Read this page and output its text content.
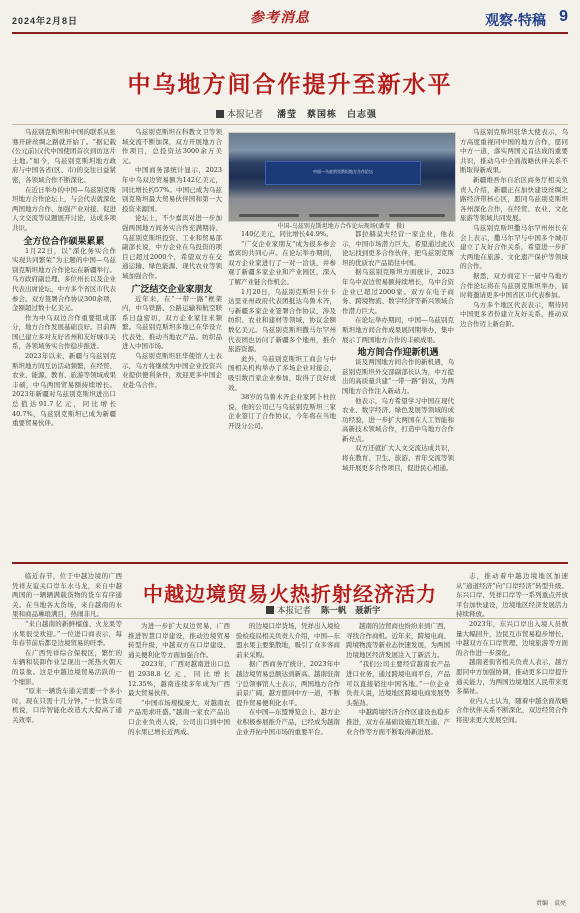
2024年2月8日	参考消息	观察·特稿 9
中乌地方间合作提升至新水平
本报记者 潘莹　蔡国栋　白志强

乌兹别克斯坦和中国的联系从张骞开辟丝绸之路就开始了。“据记载(公元前)汉代中国使团首次到访这片土地。”如今，乌兹别克斯坦地方政府与中国各省(区、市)的交往日益紧密，各领域合作不断深化。

在近日举办的中国—乌兹别克斯坦地方合作论坛上，与会代表就深化两国地方合作、加强产业对接、促进人文交流等议题展开讨论，达成多项共识。

全方位合作硕果累累

1月22日，以“深化务实合作　实现共同繁荣”为主题的中国—乌兹别克斯坦地方合作论坛在新疆举行。乌方政府副总理、多位州长以及企业代表出席论坛，中方多个省区市代表参会。双方签署合作协议300余项，金额超过数十亿美元。

作为中乌双边合作重要组成部分，地方合作发展基础良好。目前两国已建立多对友好省州和友好城市关系，各领域务实合作稳步推进。

2023年以来，新疆与乌兹别克斯坦地方间互访活动频繁，在经贸、农业、能源、教育、旅游等领域成果丰硕，中乌两国贸易额持续增长。2023年新疆对乌兹别克斯坦进出口总值达91.7亿元，同比增长40.7%，乌兹别克斯坦已成为新疆重要贸易伙伴。

乌兹别克斯坦在科教文卫等领域交流不断加深，双方开展地方合作项目，总投资达3000余万美元。

中国商务部统计显示，2023年中乌双边贸易额为142亿美元，同比增长约57%。中国已成为乌兹别克斯坦最大贸易伙伴国和第一大投资来源国。

论坛上，不少嘉宾对进一步加强两国地方间务实合作充满期待。乌兹别克斯坦投资、工业和贸易部副部长说，中方企业在乌投资的项目已超过2000个，希望双方在交通运输、绿色能源、现代农业等领域加强合作。

广泛结交企业家朋友

近年来，在“一带一路”框架内，中乌铁路、公路运输和航空联系日益密切，双方企业家往来频繁。乌兹别克斯坦多地已在华设立代表处，推动当地农产品、纺织品进入中国市场。

乌兹别克斯坦驻华使馆人士表示，乌方将继续为中国企业投资兴业提供便利条件，欢迎更多中国企业赴乌合作。

140亿美元，同比增长44.9%。

“广交企业家朋友”成为很多参会嘉宾的共同心声。在论坛举办期间，双方企业家进行了一对一洽谈，并参观了新疆多家企业和产业园区，深入了解产业链合作机会。

1月20日，乌兹别克斯坦卡什卡达里亚州政府代表团抵达乌鲁木齐，与新疆多家企业签署合作协议，涉及纺织、农业和建材等领域，协议金额数亿美元。乌兹别克斯坦撒马尔罕州代表团也访问了新疆多个地州，推介旅游资源。

此外，乌兹别克斯坦工商会与中国相关机构举办了多场企业对接会，吸引数百家企业参加，取得了良好成效。

38岁的乌鲁木齐企业家阿卜杜拉说，他的公司已与乌兹别克斯坦三家企业签订了合作协议，今年将在当地开设分公司。

都拉赫莫夫经营一家企业，他表示，中国市场潜力巨大，希望通过此次论坛找到更多合作伙伴，把乌兹别克斯坦的优质农产品销往中国。

据乌兹别克斯坦方面统计，2023年乌中双边贸易额持续增长，乌中合资企业已超过2000家。双方在电子商务、跨境物流、数字经济等新兴领域合作潜力巨大。

在论坛举办期间，中国—乌兹别克斯坦地方间合作成果展同期举办，集中展示了两国地方合作的丰硕成果。

地方间合作迎新机遇

谈及两国地方间合作的新机遇，乌兹别克斯坦外交部副部长认为，中方提出的高质量共建“一带一路”倡议，为两国地方合作注入新动力。

他表示，乌方希望学习中国在现代农业、数字经济、绿色发展等领域的成功经验，进一步扩大两国在人工智能和高新技术领域合作，打造中乌地方合作新亮点。

双方还就扩大人文交流达成共识，将在教育、卫生、旅游、青年交流等领域开展更多合作项目，促进民心相通。

乌兹别克斯坦驻华大使表示，乌方高度重视同中国的地方合作，愿同中方一道，落实两国元首达成的重要共识，推动乌中全面战略伙伴关系不断取得新成果。

新疆维吾尔自治区商务厅相关负责人介绍，新疆正在加快建设丝绸之路经济带核心区，愿同乌兹别克斯坦各州深化合作，在经贸、农业、文化旅游等领域共同发展。

乌兹别克斯坦撒马尔罕州州长在会上表示，撒马尔罕与中国多个城市建立了友好合作关系，希望进一步扩大两地在旅游、文化遗产保护等领域的合作。

据悉，双方商定下一届中乌地方合作论坛将在乌兹别克斯坦举办，届时将邀请更多中国省区市代表参加。

乌方多个地区代表表示，期待同中国更多省份建立友好关系，推动双边合作迈上新台阶。

中国—乌兹别克斯坦地方合作论坛
中国-乌兹别克斯坦地方合作论坛现场(潘莹　摄)
中越边境贸易火热折射经济活力
本报记者 陈一帆　聂新宇

临近春节，位于中越边境的广西凭祥友谊关口岸车水马龙，来自中越两国的一辆辆满载货物的货车有序通关。在当地各大货场，来自越南的水果和商品琳琅满目，热闹非凡。

“来自越南的新鲜榴莲、火龙果等水果很受欢迎。”一位进口商表示，每年春节前后都是边境贸易的旺季。

在广西凭祥综合保税区，繁忙的车辆和装卸作业呈现出一派热火朝天的景象。这是中越边境贸易活跃的一个缩影。

“原来一辆货车通关需要一个多小时，现在只需十几分钟。”一位货车司机说，口岸智能化改造大大提高了通关效率。

为进一步扩大双边贸易，广西推进智慧口岸建设，推动边境贸易转型升级，中越双方在口岸建设、通关便利化等方面加强合作。

2023年，广西对越南进出口总值2938.8亿元，同比增长12.35%，越南连续多年成为广西最大贸易伙伴。

“中国市场规模庞大，对越南农产品需求旺盛。”越南一家农产品出口企业负责人说，公司出口到中国的水果已增长近两成。

的边境口岸货场，凭祥出入境检验检疫局相关负责人介绍，中国—东盟水果主要集散地，吸引了众多客商前来采购。

据广西商务厅统计，2023年中越边境贸易总额达到新高。越南驻南宁总领事馆人士表示，两国地方合作前景广阔，越方愿同中方一道，不断提升贸易便利化水平。

在中国—东盟博览会上，越方企业积极参展推介产品，已经成为越南企业开拓中国市场的重要平台。

越南的边贸商也纷纷来到广西，寻找合作商机。近年来，跨境电商、跨境物流等新业态快速发展，为两国边境地区经济发展注入了新活力。

“我们公司主要经营越南农产品进口业务，通过跨境电商平台，产品可以直接销往中国各地。”一位企业负责人说，边境地区跨境电商发展势头强劲。

中越跨境经济合作区建设也稳步推进，双方在基础设施互联互通、产业合作等方面不断取得新进展。

志，推动着中越边境地区加速从“通道经济”向“口岸经济”转型升级。东兴口岸、凭祥口岸等一系列重点开放平台加快建设，边境地区经济发展活力持续释放。

2023年，东兴口岸出入境人员数量大幅回升，边民互市贸易稳步增长，中越双方在口岸管理、边境旅游等方面的合作进一步深化。

越南老街省相关负责人表示，越方愿同中方加强协调，推动更多口岸提升通关能力，为两国边境地区人民带来更多福祉。

业内人士认为，随着中越全面战略合作伙伴关系不断深化，双边经贸合作将迎来更大发展空间。

责编　袁亮
